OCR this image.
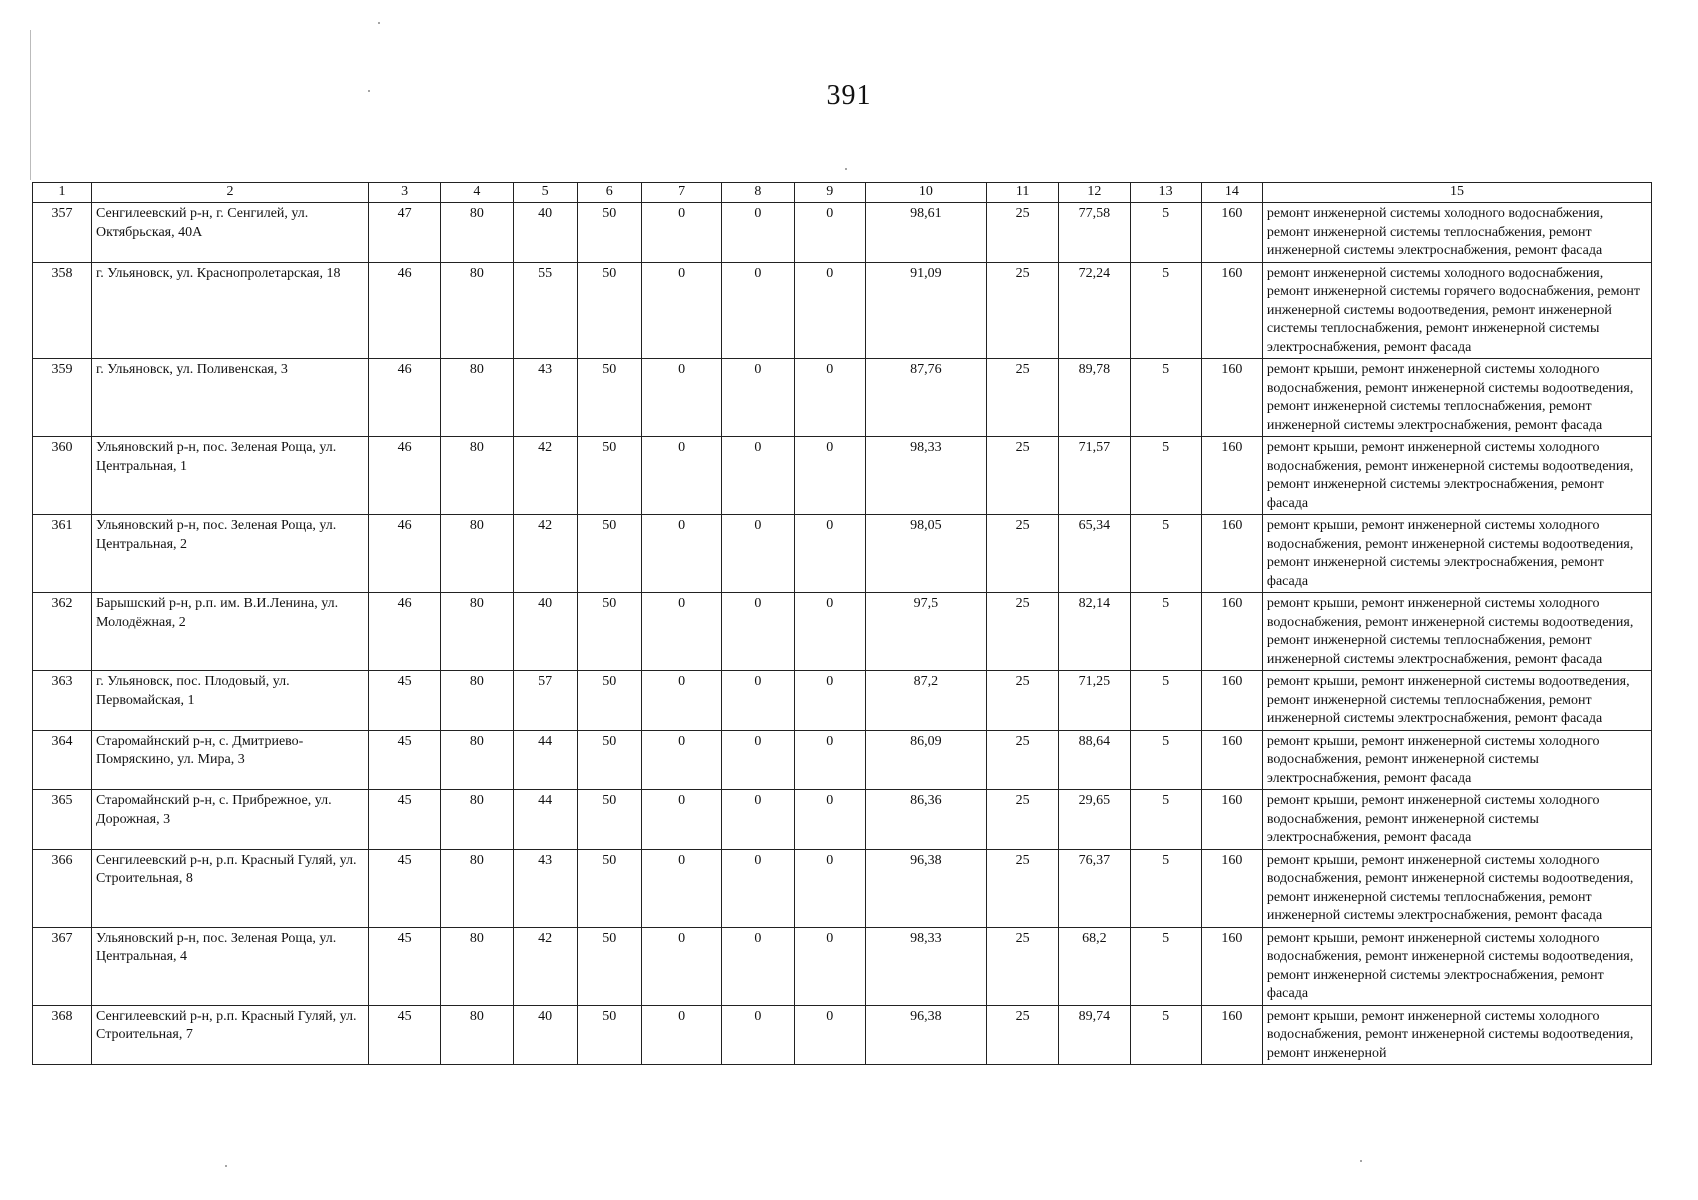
391
1	2	3	4	5	6	7	8	9	10	11	12	13	14	15
357	Сенгилеевский р-н, г. Сенгилей, ул. Октябрьская, 40А	47	80	40	50	0	0	0	98,61	25	77,58	5	160	ремонт инженерной системы холодного водоснабжения, ремонт инженерной системы теплоснабжения, ремонт инженерной системы электроснабжения, ремонт фасада
358	г. Ульяновск, ул. Краснопролетарская, 18	46	80	55	50	0	0	0	91,09	25	72,24	5	160	ремонт инженерной системы холодного водоснабжения, ремонт инженерной системы горячего водоснабжения, ремонт инженерной системы водоотведения, ремонт инженерной системы теплоснабжения, ремонт инженерной системы электроснабжения, ремонт фасада
359	г. Ульяновск, ул. Поливенская, 3	46	80	43	50	0	0	0	87,76	25	89,78	5	160	ремонт крыши, ремонт инженерной системы холодного водоснабжения, ремонт инженерной системы водоотведения, ремонт инженерной системы теплоснабжения, ремонт инженерной системы электроснабжения, ремонт фасада
360	Ульяновский р-н, пос. Зеленая Роща, ул. Центральная, 1	46	80	42	50	0	0	0	98,33	25	71,57	5	160	ремонт крыши, ремонт инженерной системы холодного водоснабжения, ремонт инженерной системы водоотведения, ремонт инженерной системы электроснабжения, ремонт фасада
361	Ульяновский р-н, пос. Зеленая Роща, ул. Центральная, 2	46	80	42	50	0	0	0	98,05	25	65,34	5	160	ремонт крыши, ремонт инженерной системы холодного водоснабжения, ремонт инженерной системы водоотведения, ремонт инженерной системы электроснабжения, ремонт фасада
362	Барышский р-н, р.п. им. В.И.Ленина, ул. Молодёжная, 2	46	80	40	50	0	0	0	97,5	25	82,14	5	160	ремонт крыши, ремонт инженерной системы холодного водоснабжения, ремонт инженерной системы водоотведения, ремонт инженерной системы теплоснабжения, ремонт инженерной системы электроснабжения, ремонт фасада
363	г. Ульяновск, пос. Плодовый, ул. Первомайская, 1	45	80	57	50	0	0	0	87,2	25	71,25	5	160	ремонт крыши, ремонт инженерной системы водоотведения, ремонт инженерной системы теплоснабжения, ремонт инженерной системы электроснабжения, ремонт фасада
364	Старомайнский р-н, с. Дмитриево-Помряскино, ул. Мира, 3	45	80	44	50	0	0	0	86,09	25	88,64	5	160	ремонт крыши, ремонт инженерной системы холодного водоснабжения, ремонт инженерной системы электроснабжения, ремонт фасада
365	Старомайнский р-н, с. Прибрежное, ул. Дорожная, 3	45	80	44	50	0	0	0	86,36	25	29,65	5	160	ремонт крыши, ремонт инженерной системы холодного водоснабжения, ремонт инженерной системы электроснабжения, ремонт фасада
366	Сенгилеевский р-н, р.п. Красный Гуляй, ул. Строительная, 8	45	80	43	50	0	0	0	96,38	25	76,37	5	160	ремонт крыши, ремонт инженерной системы холодного водоснабжения, ремонт инженерной системы водоотведения, ремонт инженерной системы теплоснабжения, ремонт инженерной системы электроснабжения, ремонт фасада
367	Ульяновский р-н, пос. Зеленая Роща, ул. Центральная, 4	45	80	42	50	0	0	0	98,33	25	68,2	5	160	ремонт крыши, ремонт инженерной системы холодного водоснабжения, ремонт инженерной системы водоотведения, ремонт инженерной системы электроснабжения, ремонт фасада
368	Сенгилеевский р-н, р.п. Красный Гуляй, ул. Строительная, 7	45	80	40	50	0	0	0	96,38	25	89,74	5	160	ремонт крыши, ремонт инженерной системы холодного водоснабжения, ремонт инженерной системы водоотведения, ремонт инженерной
